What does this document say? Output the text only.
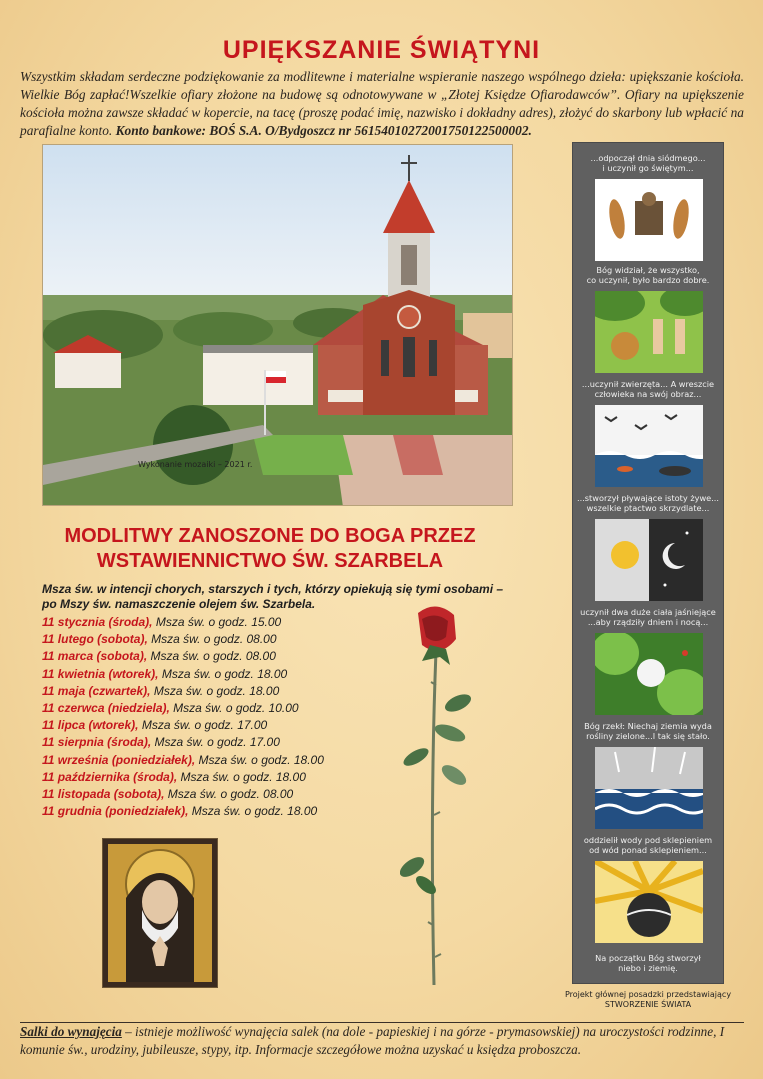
UPIĘKSZANIE ŚWIĄTYNI

Wszystkim składam serdeczne podziękowanie za modlitewne i materialne wspieranie naszego wspólnego dzieła: upiększanie kościoła. Wielkie Bóg zapłać!Wszelkie ofiary złożone na budowę są odnotowywane w „Złotej Księdze Ofiarodawców”. Ofiary na upiększenie kościoła można zawsze składać w kopercie, na tacę (proszę podać imię, nazwisko i dokładny adres), złożyć do skarbony lub wpłacić na parafialne konto. Konto bankowe: BOŚ S.A. O/Bydgoszcz nr 56154010272001750122500002.

Wykonanie mozaiki – 2021 r.
...odpoczął dnia siódmego...
i uczynił go świętym...
Bóg widział, że wszystko,
co uczynił, było bardzo dobre.
...uczynił zwierzęta... A wreszcie
człowieka na swój obraz...
...stworzył pływające istoty żywe...
wszelkie ptactwo skrzydlate...
uczynił dwa duże ciała jaśniejące
...aby rządziły dniem i nocą...
Bóg rzekł: Niechaj ziemia wyda
rośliny zielone...I tak się stało.
oddzielił wody pod sklepieniem
od wód ponad sklepieniem...
Na początku Bóg stworzył
niebo i ziemię.
Projekt głównej posadzki przedstawiający
STWORZENIE ŚWIATA
MODLITWY ZANOSZONE DO BOGA PRZEZ
WSTAWIENNICTWO ŚW. SZARBELA

Msza św. w intencji chorych, starszych i tych, którzy opiekują się tymi osobami – po Mszy św. namaszczenie olejem św. Szarbela.

11 stycznia (środa), Msza św. o godz. 15.00
11 lutego (sobota), Msza św. o godz. 08.00
11 marca (sobota), Msza św. o godz. 08.00
11 kwietnia (wtorek), Msza św. o godz. 18.00
11 maja (czwartek), Msza św. o godz. 18.00
11 czerwca (niedziela), Msza św. o godz. 10.00
11 lipca (wtorek), Msza św. o godz. 17.00
11 sierpnia (środa), Msza św. o godz. 17.00
11 września (poniedziałek), Msza św. o godz. 18.00
11 października (środa), Msza św. o godz. 18.00
11 listopada (sobota), Msza św. o godz. 08.00
11 grudnia (poniedziałek), Msza św. o godz. 18.00

Salki do wynajęcia – istnieje możliwość wynajęcia salek (na dole - papieskiej i na górze - prymasowskiej) na uroczystości rodzinne, I komunie św., urodziny, jubileusze, stypy, itp. Informacje szczegółowe można uzyskać u księdza proboszcza.
